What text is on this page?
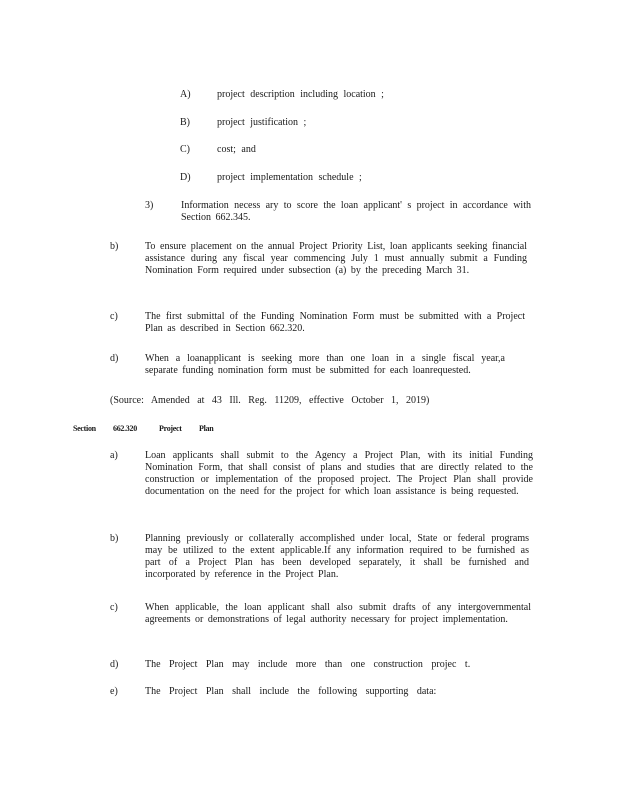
A)	project description including location ;
B)	project justification ;
C)	cost; and
D)	project implementation schedule ;
3)	Information necess ary to score the loan applicant' s project in accordance with Section 662.345.
b)	To ensure placement on the annual Project Priority List, loan applicants seeking financial assistance during any fiscal year commencing July 1 must annually submit a Funding Nomination Form required under subsection (a) by the preceding March 31.
c)	The first submittal of the Funding Nomination Form must be submitted with a Project Plan as described in Section 662.320.
d)	When a loanapplicant is seeking more than one loan in a single fiscal year,a separate funding nomination form must be submitted for each loanrequested.
(Source: Amended at 43 Ill. Reg. 11209, effective October 1, 2019)
Section 662.320	Project Plan
a)	Loan applicants shall submit to the Agency a Project Plan, with its initial Funding Nomination Form, that shall consist of plans and studies that are directly related to the construction or implementation of the proposed project. The Project Plan shall provide documentation on the need for the project for which loan assistance is being requested.
b)	Planning previously or collaterally accomplished under local, State or federal programs may be utilized to the extent applicable.If any information required to be furnished as part of a Project Plan has been developed separately, it shall be furnished and incorporated by reference in the Project Plan.
c)	When applicable, the loan applicant shall also submit drafts of any intergovernmental agreements or demonstrations of legal authority necessary for project implementation.
d)	The Project Plan may include more than one construction projec t.
e)	The Project Plan shall include the following supporting data:
